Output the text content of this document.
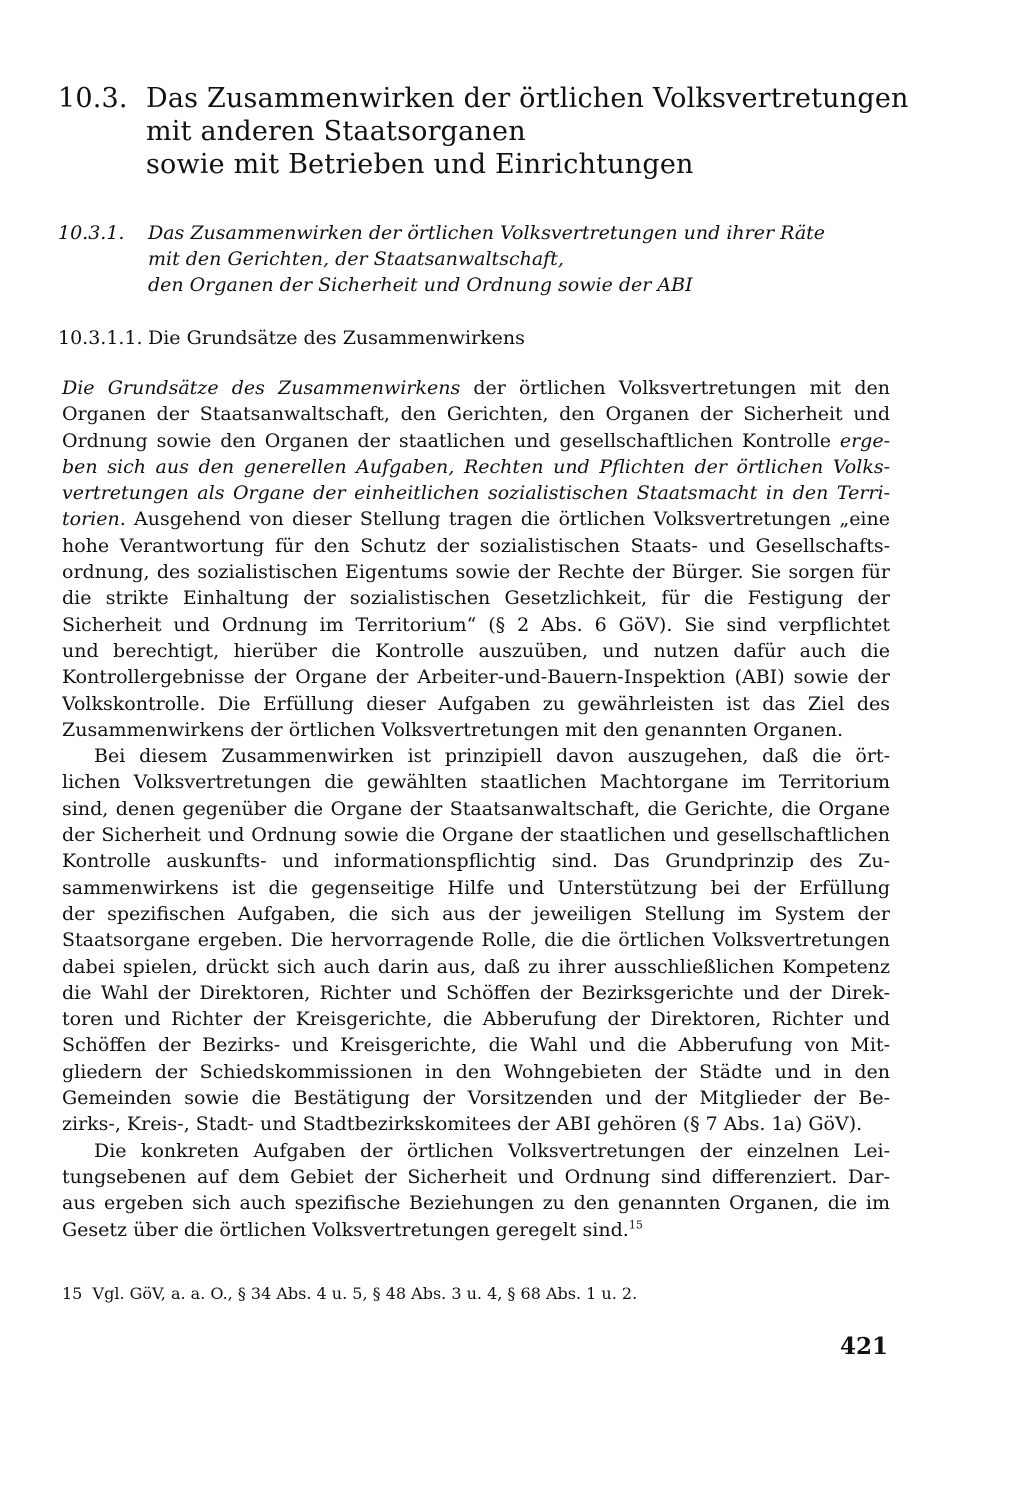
10.3. Das Zusammenwirken der örtlichen Volksvertretungen
mit anderen Staatsorganen
sowie mit Betrieben und Einrichtungen
10.3.1. Das Zusammenwirken der örtlichen Volksvertretungen und ihrer Räte
mit den Gerichten, der Staatsanwaltschaft,
den Organen der Sicherheit und Ordnung sowie der ABI
10.3.1.1. Die Grundsätze des Zusammenwirkens

Die Grundsätze des Zusammenwirkens der örtlichen Volksvertretungen mit den
Organen der Staatsanwaltschaft, den Gerichten, den Organen der Sicherheit und
Ordnung sowie den Organen der staatlichen und gesellschaftlichen Kontrolle erge-
ben sich aus den generellen Aufgaben, Rechten und Pflichten der örtlichen Volks-
vertretungen als Organe der einheitlichen sozialistischen Staatsmacht in den Terri-
torien. Ausgehend von dieser Stellung tragen die örtlichen Volksvertretungen „eine
hohe Verantwortung für den Schutz der sozialistischen Staats- und Gesellschafts-
ordnung, des sozialistischen Eigentums sowie der Rechte der Bürger. Sie sorgen für
die strikte Einhaltung der sozialistischen Gesetzlichkeit, für die Festigung der
Sicherheit und Ordnung im Territorium“ (§ 2 Abs. 6 GöV). Sie sind verpflichtet
und berechtigt, hierüber die Kontrolle auszuüben, und nutzen dafür auch die
Kontrollergebnisse der Organe der Arbeiter-und-Bauern-Inspektion (ABI) sowie der
Volkskontrolle. Die Erfüllung dieser Aufgaben zu gewährleisten ist das Ziel des
Zusammenwirkens der örtlichen Volksvertretungen mit den genannten Organen.

Bei diesem Zusammenwirken ist prinzipiell davon auszugehen, daß die ört-
lichen Volksvertretungen die gewählten staatlichen Machtorgane im Territorium
sind, denen gegenüber die Organe der Staatsanwaltschaft, die Gerichte, die Organe
der Sicherheit und Ordnung sowie die Organe der staatlichen und gesellschaftlichen
Kontrolle auskunfts- und informationspflichtig sind. Das Grundprinzip des Zu-
sammenwirkens ist die gegenseitige Hilfe und Unterstützung bei der Erfüllung
der spezifischen Aufgaben, die sich aus der jeweiligen Stellung im System der
Staatsorgane ergeben. Die hervorragende Rolle, die die örtlichen Volksvertretungen
dabei spielen, drückt sich auch darin aus, daß zu ihrer ausschließlichen Kompetenz
die Wahl der Direktoren, Richter und Schöffen der Bezirksgerichte und der Direk-
toren und Richter der Kreisgerichte, die Abberufung der Direktoren, Richter und
Schöffen der Bezirks- und Kreisgerichte, die Wahl und die Abberufung von Mit-
gliedern der Schiedskommissionen in den Wohngebieten der Städte und in den
Gemeinden sowie die Bestätigung der Vorsitzenden und der Mitglieder der Be-
zirks-, Kreis-, Stadt- und Stadtbezirkskomitees der ABI gehören (§ 7 Abs. 1a) GöV).

Die konkreten Aufgaben der örtlichen Volksvertretungen der einzelnen Lei-
tungsebenen auf dem Gebiet der Sicherheit und Ordnung sind differenziert. Dar-
aus ergeben sich auch spezifische Beziehungen zu den genannten Organen, die im
Gesetz über die örtlichen Volksvertretungen geregelt sind.$^{15}$

15 Vgl. GöV, a. a. O., § 34 Abs. 4 u. 5, § 48 Abs. 3 u. 4, § 68 Abs. 1 u. 2.
421
